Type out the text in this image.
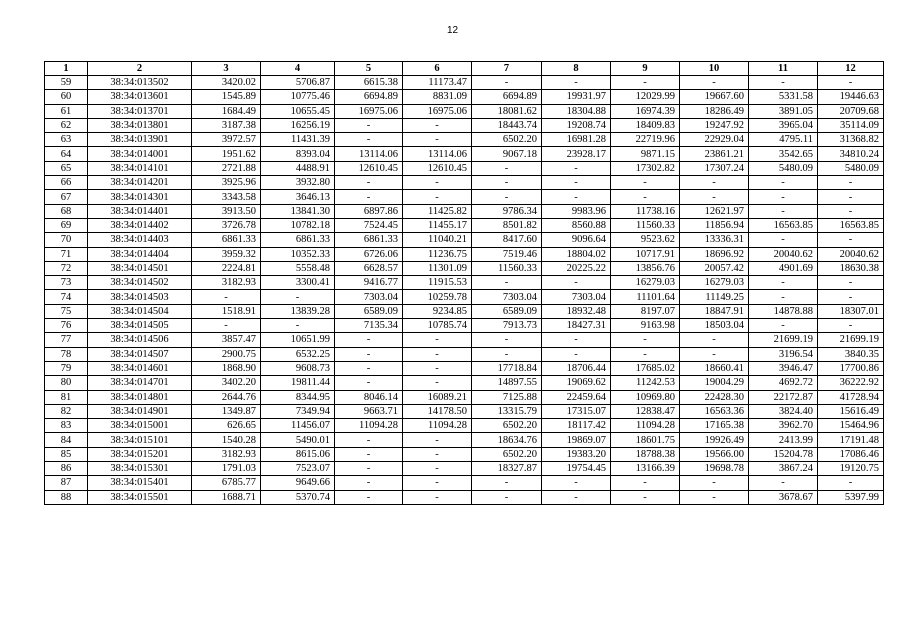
12
1	2	3	4	5	6	7	8	9	10	11	12
59	38:34:013502	3420.02	5706.87	6615.38	11173.47	-	-	-	-	-	-
60	38:34:013601	1545.89	10775.46	6694.89	8831.09	6694.89	19931.97	12029.99	19667.60	5331.58	19446.63
61	38:34:013701	1684.49	10655.45	16975.06	16975.06	18081.62	18304.88	16974.39	18286.49	3891.05	20709.68
62	38:34:013801	3187.38	16256.19	-	-	18443.74	19208.74	18409.83	19247.92	3965.04	35114.09
63	38:34:013901	3972.57	11431.39	-	-	6502.20	16981.28	22719.96	22929.04	4795.11	31368.82
64	38:34:014001	1951.62	8393.04	13114.06	13114.06	9067.18	23928.17	9871.15	23861.21	3542.65	34810.24
65	38:34:014101	2721.88	4488.91	12610.45	12610.45	-	-	17302.82	17307.24	5480.09	5480.09
66	38:34:014201	3925.96	3932.80	-	-	-	-	-	-	-	-
67	38:34:014301	3343.58	3646.13	-	-	-	-	-	-	-	-
68	38:34:014401	3913.50	13841.30	6897.86	11425.82	9786.34	9983.96	11738.16	12621.97	-	-
69	38:34:014402	3726.78	10782.18	7524.45	11455.17	8501.82	8560.88	11560.33	11856.94	16563.85	16563.85
70	38:34:014403	6861.33	6861.33	6861.33	11040.21	8417.60	9096.64	9523.62	13336.31	-	-
71	38:34:014404	3959.32	10352.33	6726.06	11236.75	7519.46	18804.02	10717.91	18696.92	20040.62	20040.62
72	38:34:014501	2224.81	5558.48	6628.57	11301.09	11560.33	20225.22	13856.76	20057.42	4901.69	18630.38
73	38:34:014502	3182.93	3300.41	9416.77	11915.53	-	-	16279.03	16279.03	-	-
74	38:34:014503	-	-	7303.04	10259.78	7303.04	7303.04	11101.64	11149.25	-	-
75	38:34:014504	1518.91	13839.28	6589.09	9234.85	6589.09	18932.48	8197.07	18847.91	14878.88	18307.01
76	38:34:014505	-	-	7135.34	10785.74	7913.73	18427.31	9163.98	18503.04	-	-
77	38:34:014506	3857.47	10651.99	-	-	-	-	-	-	21699.19	21699.19
78	38:34:014507	2900.75	6532.25	-	-	-	-	-	-	3196.54	3840.35
79	38:34:014601	1868.90	9608.73	-	-	17718.84	18706.44	17685.02	18660.41	3946.47	17700.86
80	38:34:014701	3402.20	19811.44	-	-	14897.55	19069.62	11242.53	19004.29	4692.72	36222.92
81	38:34:014801	2644.76	8344.95	8046.14	16089.21	7125.88	22459.64	10969.80	22428.30	22172.87	41728.94
82	38:34:014901	1349.87	7349.94	9663.71	14178.50	13315.79	17315.07	12838.47	16563.36	3824.40	15616.49
83	38:34:015001	626.65	11456.07	11094.28	11094.28	6502.20	18117.42	11094.28	17165.38	3962.70	15464.96
84	38:34:015101	1540.28	5490.01	-	-	18634.76	19869.07	18601.75	19926.49	2413.99	17191.48
85	38:34:015201	3182.93	8615.06	-	-	6502.20	19383.20	18788.38	19566.00	15204.78	17086.46
86	38:34:015301	1791.03	7523.07	-	-	18327.87	19754.45	13166.39	19698.78	3867.24	19120.75
87	38:34:015401	6785.77	9649.66	-	-	-	-	-	-	-	-
88	38:34:015501	1688.71	5370.74	-	-	-	-	-	-	3678.67	5397.99
